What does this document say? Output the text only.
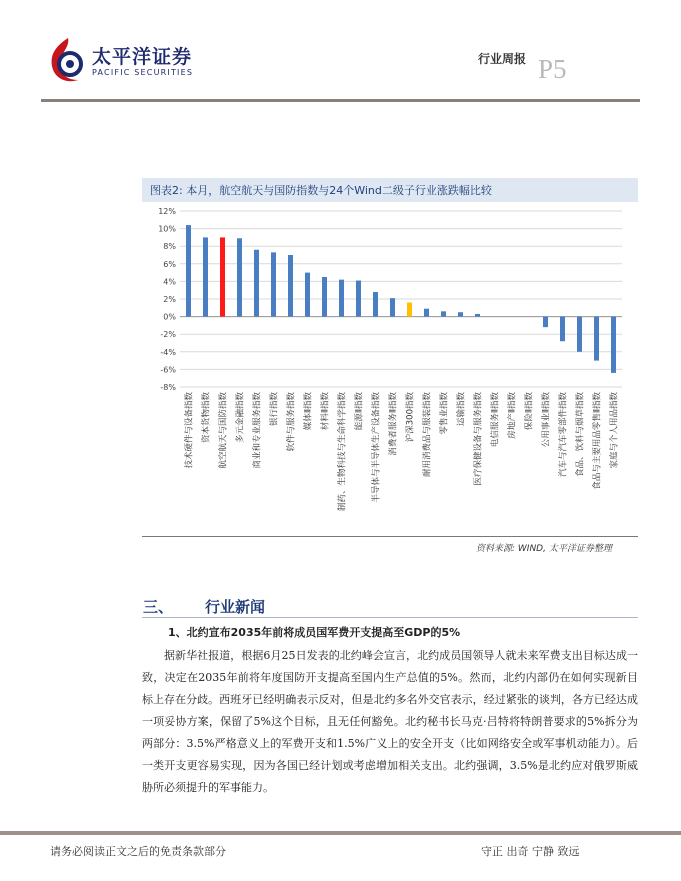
太平洋证券
PACIFIC SECURITIES
行业周报 P5
图表2: 本月，航空航天与国防指数与24个Wind二级子行业涨跌幅比较
12%
10%
8%
6%
4%
2%
0%
-2%
-4%
-6%
-8%
技术硬件与设备指数 资本货物指数 航空航天与国防指数 多元金融指数 商业和专业服务指数 银行指数 软件与服务指数 媒体Ⅱ指数 材料Ⅱ指数 制药、生物科技与生命科学指数 能源Ⅱ指数 半导体与半导体生产设备指数 消费者服务Ⅱ指数 沪深300指数 耐用消费品与服装指数 零售业指数 运输指数 医疗保健设备与服务指数 电信服务Ⅱ指数 房地产Ⅱ指数 保险Ⅱ指数 公用事业Ⅱ指数 汽车与汽车零部件指数 食品、饮料与烟草指数 食品与主要用品零售Ⅱ指数 家庭与个人用品指数
资料来源: WIND, 太平洋证券整理
三、 行业新闻
1、北约宣布2035年前将成员国军费开支提高至GDP的5%
据新华社报道，根据6月25日发表的北约峰会宣言，北约成员国领导人就未来军费支出目标达成一致，决定在2035年前将年度国防开支提高至国内生产总值的5%。然而，北约内部仍在如何实现新目标上存在分歧。西班牙已经明确表示反对，但是北约多名外交官表示，经过紧张的谈判，各方已经达成一项妥协方案，保留了5%这个目标，且无任何豁免。北约秘书长马克·吕特将特朗普要求的5%拆分为两部分：3.5%严格意义上的军费开支和1.5%广义上的安全开支（比如网络安全或军事机动能力）。后一类开支更容易实现，因为各国已经计划或考虑增加相关支出。北约强调，3.5%是北约应对俄罗斯威胁所必须提升的军事能力。
请务必阅读正文之后的免责条款部分	守正 出奇 宁静 致远
